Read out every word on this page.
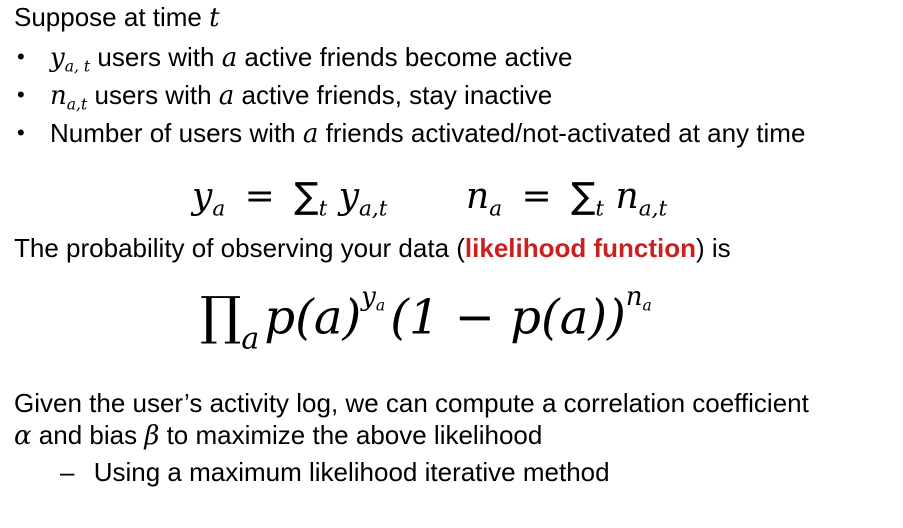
Suppose at time t
• $y_{a, t}$ users with a active friends become active
• $n_{a,t}$ users with a active friends, stay inactive
• Number of users with a friends activated/not-activated at any time
$y_a = \sum_t$ $y_{a,t}$ $n_a = \sum_t$ $n_{a,t}$
The probability of observing your data (likelihood function) is
$\prod_a$ $p(a)^{y_a}$ $(1 - p(a))^{n_a}$
Given the user’s activity log, we can compute a correlation coefficient
α and bias β to maximize the above likelihood
– Using a maximum likelihood iterative method
